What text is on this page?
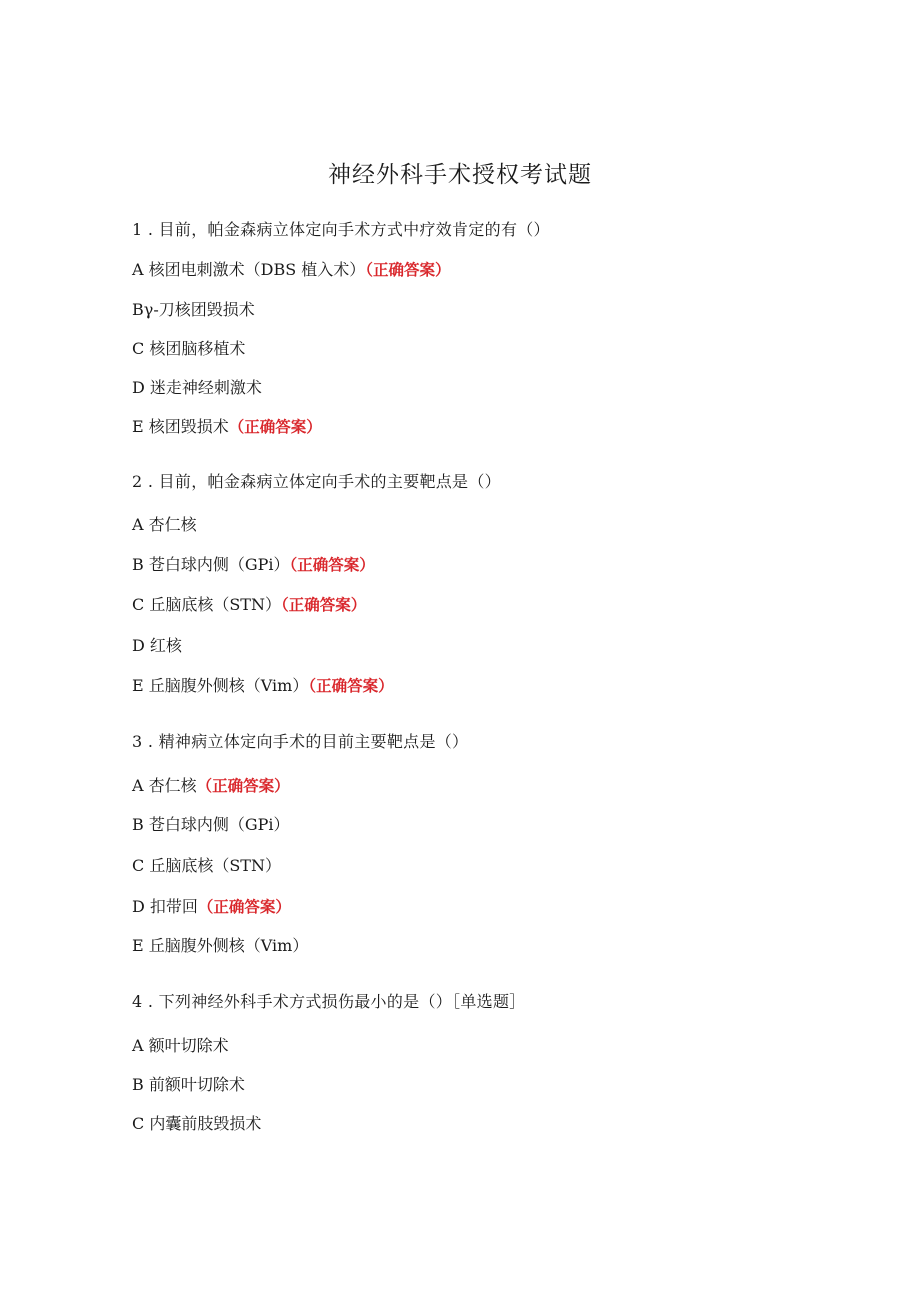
神经外科手术授权考试题
1 . 目前，帕金森病立体定向手术方式中疗效肯定的有（）
A 核团电刺激术（DBS 植入术）（正确答案）
Bγ-刀核团毁损术
C 核团脑移植术
D 迷走神经刺激术
E 核团毁损术（正确答案）
2 . 目前，帕金森病立体定向手术的主要靶点是（）
A 杏仁核
B 苍白球内侧（GPi）（正确答案）
C 丘脑底核（STN）（正确答案）
D 红核
E 丘脑腹外侧核（Vim）（正确答案）
3 . 精神病立体定向手术的目前主要靶点是（）
A 杏仁核（正确答案）
B 苍白球内侧（GPi）
C 丘脑底核（STN）
D 扣带回（正确答案）
E 丘脑腹外侧核（Vim）
4 . 下列神经外科手术方式损伤最小的是（）［单选题］
A 额叶切除术
B 前额叶切除术
C 内囊前肢毁损术
